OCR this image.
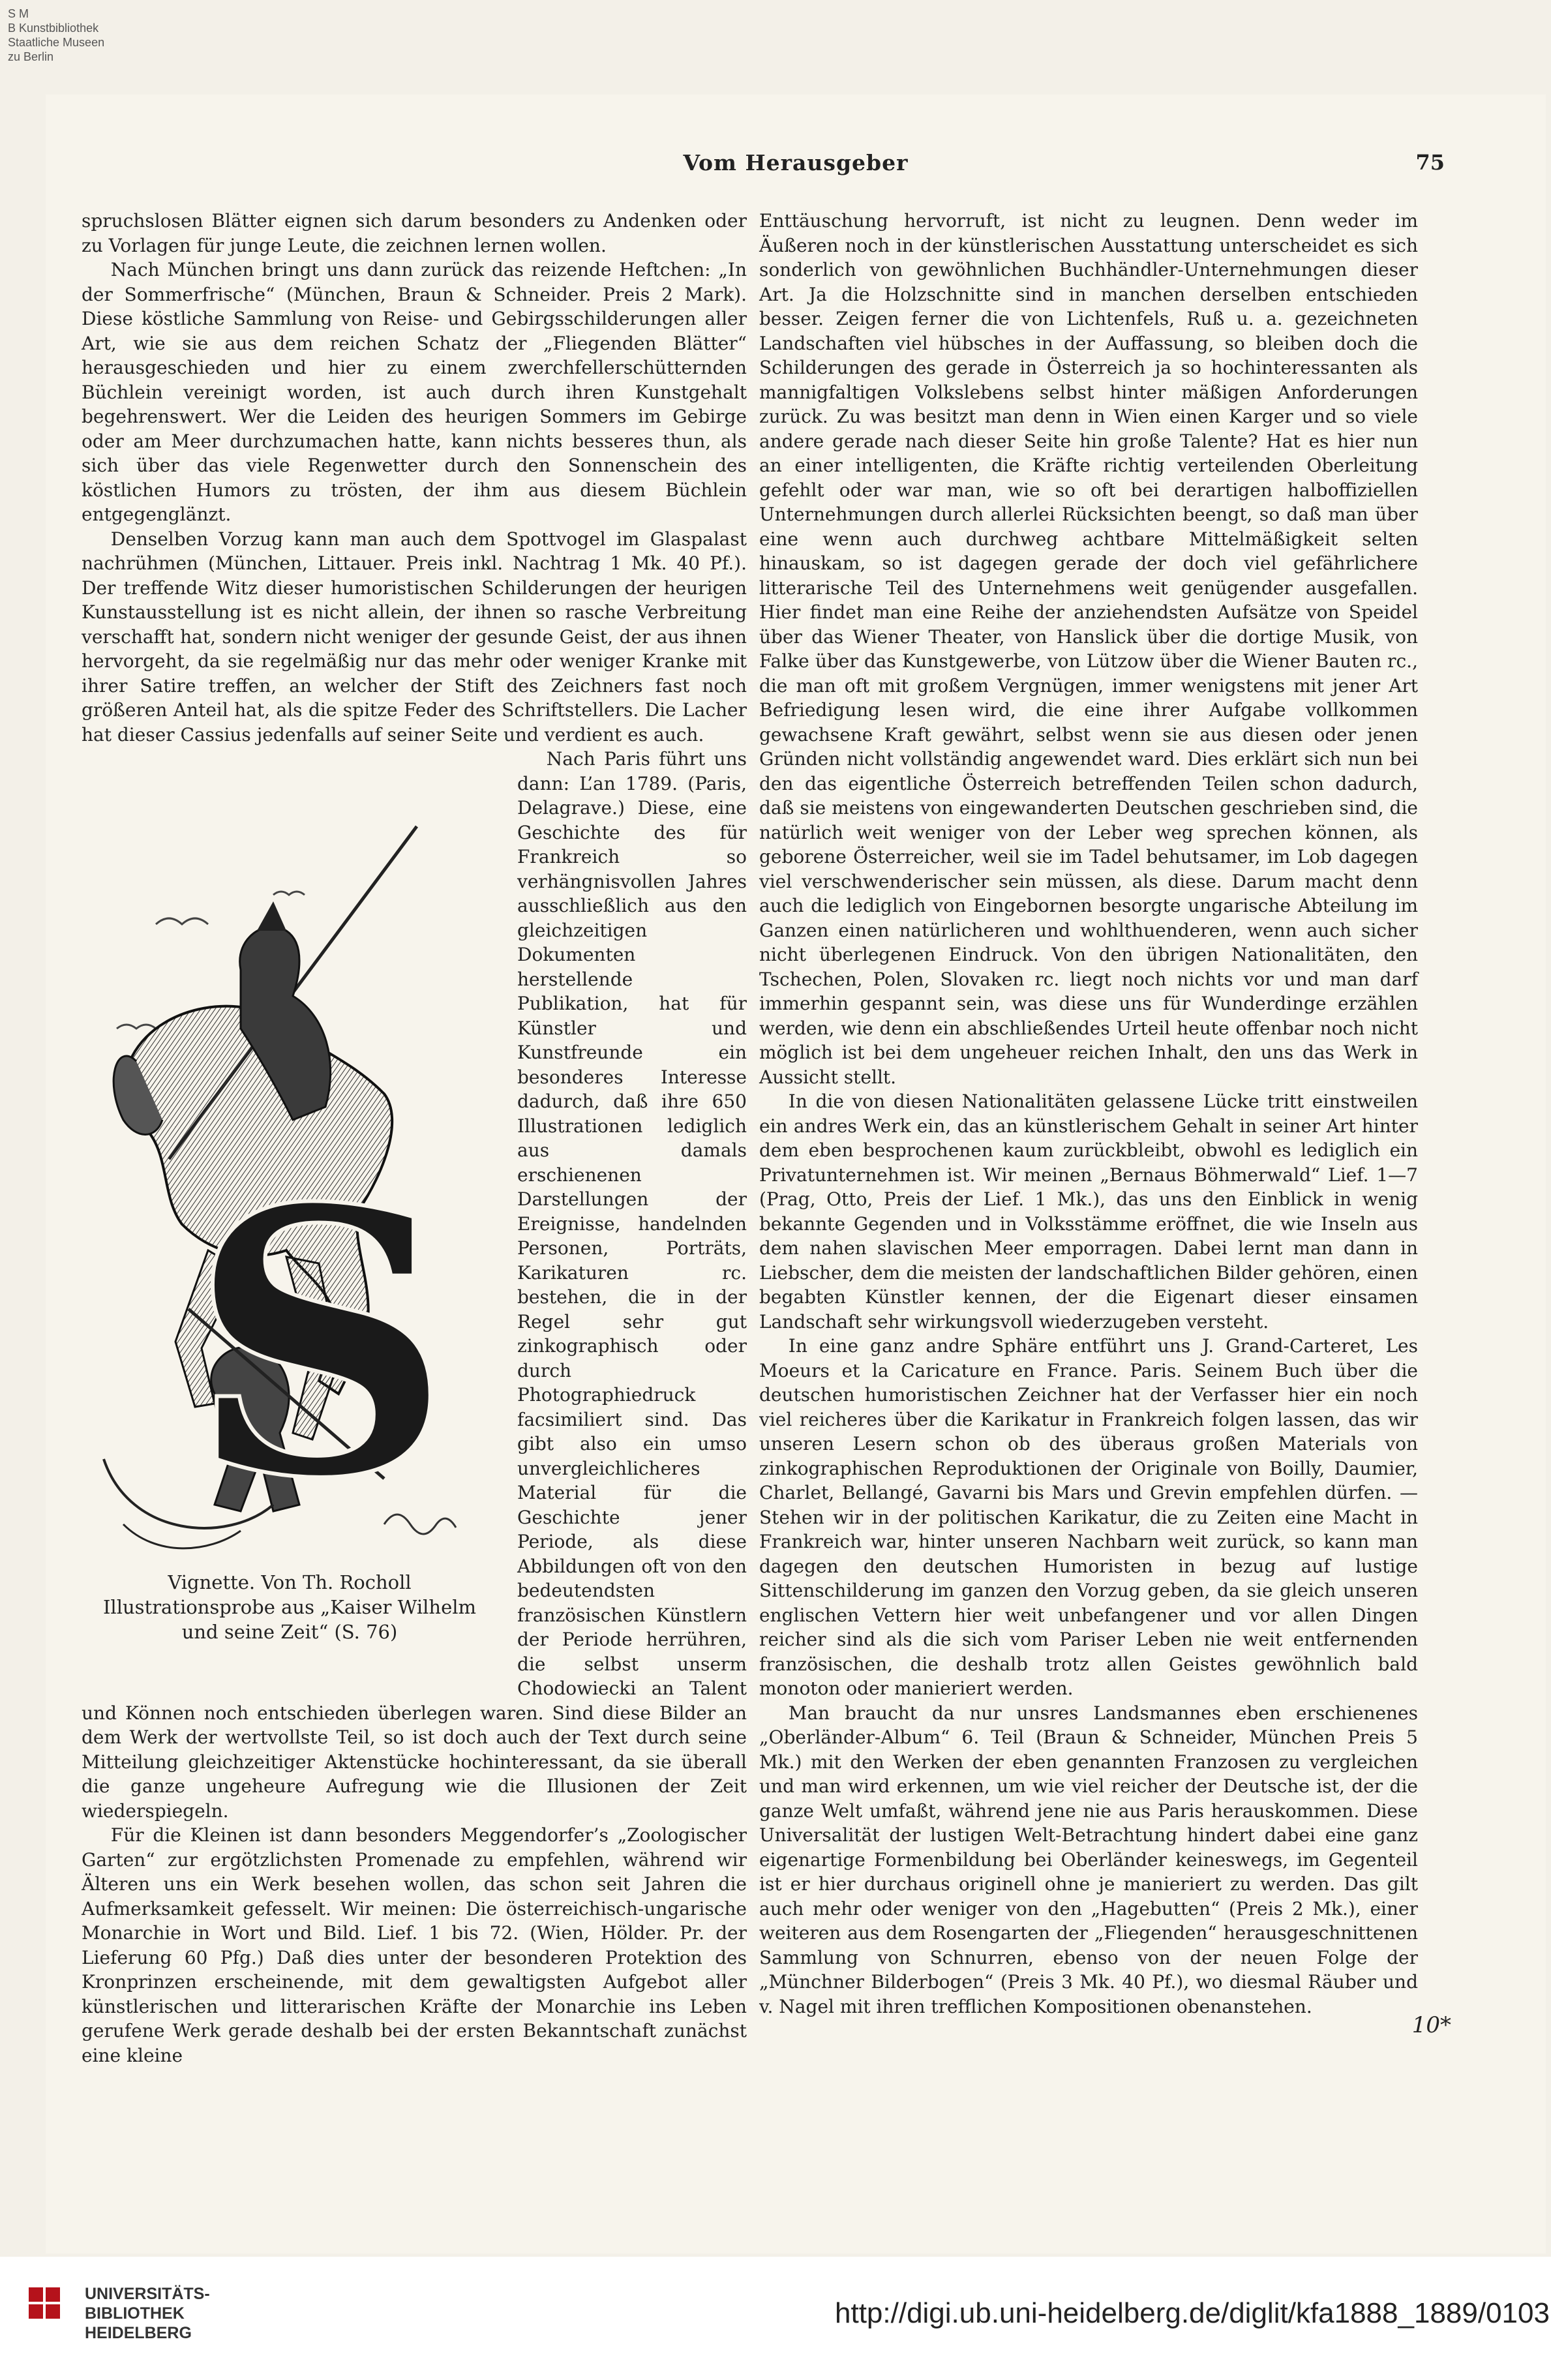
S M
B Kunstbibliothek
Staatliche Museen
zu Berlin
Vom Herausgeber	75

spruchslosen Blätter eignen sich darum besonders zu Andenken oder zu Vorlagen für junge Leute, die zeichnen lernen wollen.

Nach München bringt uns dann zurück das reizende Heftchen: „In der Sommerfrische“ (München, Braun & Schneider. Preis 2 Mark). Diese köstliche Sammlung von Reise- und Gebirgsschilderungen aller Art, wie sie aus dem reichen Schatz der „Fliegenden Blätter“ herausgeschieden und hier zu einem zwerchfellerschütternden Büchlein vereinigt worden, ist auch durch ihren Kunstgehalt begehrenswert. Wer die Leiden des heurigen Sommers im Gebirge oder am Meer durchzumachen hatte, kann nichts besseres thun, als sich über das viele Regenwetter durch den Sonnenschein des köstlichen Humors zu trösten, der ihm aus diesem Büchlein entgegenglänzt.

Denselben Vorzug kann man auch dem Spottvogel im Glaspalast nachrühmen (München, Littauer. Preis inkl. Nachtrag 1 Mk. 40 Pf.). Der treffende Witz dieser humoristischen Schilderungen der heurigen Kunstausstellung ist es nicht allein, der ihnen so rasche Verbreitung verschafft hat, sondern nicht weniger der gesunde Geist, der aus ihnen hervorgeht, da sie regelmäßig nur das mehr oder weniger Kranke mit ihrer Satire treffen, an welcher der Stift des Zeichners fast noch größeren Anteil hat, als die spitze Feder des Schriftstellers. Die Lacher hat dieser Cassius jedenfalls auf seiner Seite und verdient es auch.

S
Vignette. Von Th. Rocholl
Illustrationsprobe aus „Kaiser Wilhelm
und seine Zeit“ (S. 76)

Nach Paris führt uns dann: L’an 1789. (Paris, Delagrave.) Diese, eine Geschichte des für Frankreich so verhängnisvollen Jahres ausschließlich aus den gleichzeitigen Dokumenten herstellende Publikation, hat für Künstler und Kunstfreunde ein besonderes Interesse dadurch, daß ihre 650 Illustrationen lediglich aus damals erschienenen Darstellungen der Ereignisse, handelnden Personen, Porträts, Karikaturen rc. bestehen, die in der Regel sehr gut zinkographisch oder durch Photographiedruck facsimiliert sind. Das gibt also ein umso unvergleichlicheres Material für die Geschichte jener Periode, als diese Abbildungen oft von den bedeutendsten französischen Künstlern der Periode herrühren, die selbst unserm Chodowiecki an Talent und Können noch entschieden überlegen waren. Sind diese Bilder an dem Werk der wertvollste Teil, so ist doch auch der Text durch seine Mitteilung gleichzeitiger Aktenstücke hochinteressant, da sie überall die ganze ungeheure Aufregung wie die Illusionen der Zeit wiederspiegeln.

Für die Kleinen ist dann besonders Meggendorfer’s „Zoologischer Garten“ zur ergötzlichsten Promenade zu empfehlen, während wir Älteren uns ein Werk besehen wollen, das schon seit Jahren die Aufmerksamkeit gefesselt. Wir meinen: Die österreichisch-ungarische Monarchie in Wort und Bild. Lief. 1 bis 72. (Wien, Hölder. Pr. der Lieferung 60 Pfg.) Daß dies unter der besonderen Protektion des Kronprinzen erscheinende, mit dem gewaltigsten Aufgebot aller künstlerischen und litterarischen Kräfte der Monarchie ins Leben gerufene Werk gerade deshalb bei der ersten Bekanntschaft zunächst eine kleine

Enttäuschung hervorruft, ist nicht zu leugnen. Denn weder im Äußeren noch in der künstlerischen Ausstattung unterscheidet es sich sonderlich von gewöhnlichen Buchhändler-Unternehmungen dieser Art. Ja die Holzschnitte sind in manchen derselben entschieden besser. Zeigen ferner die von Lichtenfels, Ruß u. a. gezeichneten Landschaften viel hübsches in der Auffassung, so bleiben doch die Schilderungen des gerade in Österreich ja so hochinteressanten als mannigfaltigen Volkslebens selbst hinter mäßigen Anforderungen zurück. Zu was besitzt man denn in Wien einen Karger und so viele andere gerade nach dieser Seite hin große Talente? Hat es hier nun an einer intelligenten, die Kräfte richtig verteilenden Oberleitung gefehlt oder war man, wie so oft bei derartigen halboffiziellen Unternehmungen durch allerlei Rücksichten beengt, so daß man über eine wenn auch durchweg achtbare Mittelmäßigkeit selten hinauskam, so ist dagegen gerade der doch viel gefährlichere litterarische Teil des Unternehmens weit genügender ausgefallen. Hier findet man eine Reihe der anziehendsten Aufsätze von Speidel über das Wiener Theater, von Hanslick über die dortige Musik, von Falke über das Kunstgewerbe, von Lützow über die Wiener Bauten rc., die man oft mit großem Vergnügen, immer wenigstens mit jener Art Befriedigung lesen wird, die eine ihrer Aufgabe vollkommen gewachsene Kraft gewährt, selbst wenn sie aus diesen oder jenen Gründen nicht vollständig angewendet ward. Dies erklärt sich nun bei den das eigentliche Österreich betreffenden Teilen schon dadurch, daß sie meistens von eingewanderten Deutschen geschrieben sind, die natürlich weit weniger von der Leber weg sprechen können, als geborene Österreicher, weil sie im Tadel behutsamer, im Lob dagegen viel verschwenderischer sein müssen, als diese. Darum macht denn auch die lediglich von Eingebornen besorgte ungarische Abteilung im Ganzen einen natürlicheren und wohlthuenderen, wenn auch sicher nicht überlegenen Eindruck. Von den übrigen Nationalitäten, den Tschechen, Polen, Slovaken rc. liegt noch nichts vor und man darf immerhin gespannt sein, was diese uns für Wunderdinge erzählen werden, wie denn ein abschließendes Urteil heute offenbar noch nicht möglich ist bei dem ungeheuer reichen Inhalt, den uns das Werk in Aussicht stellt.

In die von diesen Nationalitäten gelassene Lücke tritt einstweilen ein andres Werk ein, das an künstlerischem Gehalt in seiner Art hinter dem eben besprochenen kaum zurückbleibt, obwohl es lediglich ein Privatunternehmen ist. Wir meinen „Bernaus Böhmerwald“ Lief. 1—7 (Prag, Otto, Preis der Lief. 1 Mk.), das uns den Einblick in wenig bekannte Gegenden und in Volksstämme eröffnet, die wie Inseln aus dem nahen slavischen Meer emporragen. Dabei lernt man dann in Liebscher, dem die meisten der landschaftlichen Bilder gehören, einen begabten Künstler kennen, der die Eigenart dieser einsamen Landschaft sehr wirkungsvoll wiederzugeben versteht.

In eine ganz andre Sphäre entführt uns J. Grand-Carteret, Les Moeurs et la Caricature en France. Paris. Seinem Buch über die deutschen humoristischen Zeichner hat der Verfasser hier ein noch viel reicheres über die Karikatur in Frankreich folgen lassen, das wir unseren Lesern schon ob des überaus großen Materials von zinkographischen Reproduktionen der Originale von Boilly, Daumier, Charlet, Bellangé, Gavarni bis Mars und Grevin empfehlen dürfen. — Stehen wir in der politischen Karikatur, die zu Zeiten eine Macht in Frankreich war, hinter unseren Nachbarn weit zurück, so kann man dagegen den deutschen Humoristen in bezug auf lustige Sittenschilderung im ganzen den Vorzug geben, da sie gleich unseren englischen Vettern hier weit unbefangener und vor allen Dingen reicher sind als die sich vom Pariser Leben nie weit entfernenden französischen, die deshalb trotz allen Geistes gewöhnlich bald monoton oder manieriert werden.

Man braucht da nur unsres Landsmannes eben erschienenes „Oberländer-Album“ 6. Teil (Braun & Schneider, München Preis 5 Mk.) mit den Werken der eben genannten Franzosen zu vergleichen und man wird erkennen, um wie viel reicher der Deutsche ist, der die ganze Welt umfaßt, während jene nie aus Paris herauskommen. Diese Universalität der lustigen Welt-Betrachtung hindert dabei eine ganz eigenartige Formenbildung bei Oberländer keineswegs, im Gegenteil ist er hier durchaus originell ohne je manieriert zu werden. Das gilt auch mehr oder weniger von den „Hagebutten“ (Preis 2 Mk.), einer weiteren aus dem Rosengarten der „Fliegenden“ herausgeschnittenen Sammlung von Schnurren, ebenso von der neuen Folge der „Münchner Bilderbogen“ (Preis 3 Mk. 40 Pf.), wo diesmal Räuber und v. Nagel mit ihren trefflichen Kompositionen obenanstehen.

10*
UNIVERSITÄTS-
BIBLIOTHEK
HEIDELBERG
http://digi.ub.uni-heidelberg.de/diglit/kfa1888_1889/0103
